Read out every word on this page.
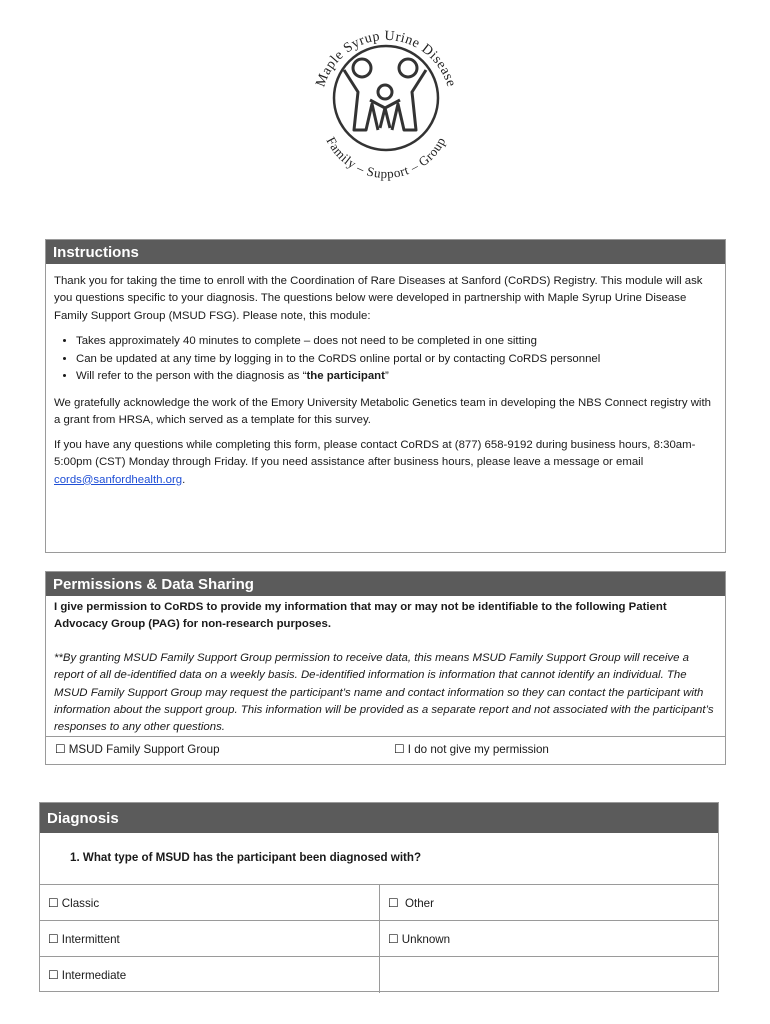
Maple Syrup Urine Disease
Family – Support – Group
Instructions

Thank you for taking the time to enroll with the Coordination of Rare Diseases at Sanford (CoRDS) Registry. This module will ask you questions specific to your diagnosis. The questions below were developed in partnership with Maple Syrup Urine Disease Family Support Group (MSUD FSG). Please note, this module:

• Takes approximately 40 minutes to complete – does not need to be completed in one sitting
• Can be updated at any time by logging in to the CoRDS online portal or by contacting CoRDS personnel
• Will refer to the person with the diagnosis as “the participant”

We gratefully acknowledge the work of the Emory University Metabolic Genetics team in developing the NBS Connect registry with a grant from HRSA, which served as a template for this survey.

If you have any questions while completing this form, please contact CoRDS at (877) 658-9192 during business hours, 8:30am-5:00pm (CST) Monday through Friday. If you need assistance after business hours, please leave a message or email cords@sanfordhealth.org.

Permissions & Data Sharing

I give permission to CoRDS to provide my information that may or may not be identifiable to the following Patient Advocacy Group (PAG) for non-research purposes.

**By granting MSUD Family Support Group permission to receive data, this means MSUD Family Support Group will receive a report of all de-identified data on a weekly basis. De-identified information is information that cannot identify an individual. The MSUD Family Support Group may request the participant’s name and contact information so they can contact the participant with information about the support group. This information will be provided as a separate report and not associated with the participant’s responses to any other questions.

☐ MSUD Family Support Group	☐ I do not give my permission
Diagnosis
1. What type of MSUD has the participant been diagnosed with?
☐ Classic	☐ Other
☐ Intermittent	☐ Unknown
☐ Intermediate
